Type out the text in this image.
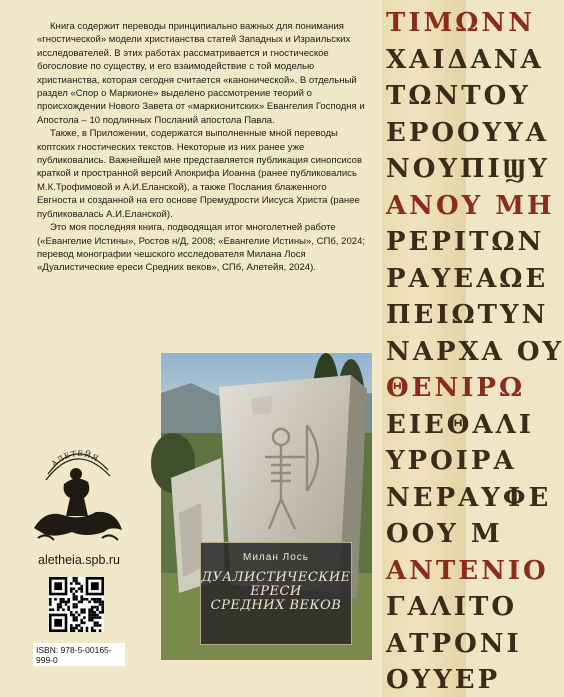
ΤΙΜΩΝΝ
ΧΑΙΔΑΝΑ
ΤΩΝΤΟΥ
ΕΡΟΟΥΥΑ
ΝΟΥΠΙϢΥ
ΑΝΟΥ ΜΗ
ΡΕΡΙΤΩΝ
ΡΑΥΕΑΩΕ
ΠΕΙΩΤΥΝ
ΝΑΡΧΑ ΟΥ
ΘΕΝΙΡΩ
ΕΙΕΘΑΛΙ
ΥΡΟΙΡΑ
ΝΕΡΑΥΦΕ
ΟΟΥ Μ
ΑΝΤΕΝΙΟ
ΓΑΛΙΤΟ
ΑΤΡΟΝΙ
ΟΥΥΕΡ

Книга содержит переводы принципиально важных для понимания «гностической» модели христианства статей Западных и Израильских исследователей. В этих работах рассматривается и гностическое богословие по существу, и его взаимодействие с той моделью христианства, которая сегодня считается «канонической». В отдельный раздел «Спор о Маркионе» выделено рассмотрение теорий о происхождении Нового Завета от «маркионитских» Евангелия Господня и Апостола – 10 подлинных Посланий апостола Павла.

Также, в Приложении, содержатся выполненные мной переводы коптских гностических текстов. Некоторые из них ранее уже публиковались. Важнейшей мне представляется публикация синопсисов краткой и пространной версий Апокрифа Иоанна (ранее публиковались М.К.Трофимовой и А.И.Еланской), а также Послания блаженного Евгноста и созданной на его основе Премудрости Иисуса Христа (ранее публиковалась А.И.Еланской).

Это моя последняя книга, подводящая итог многолетней работе («Евангелие Истины», Ростов н/Д, 2008; «Евангелие Истины», СПб, 2024; перевод монографии чешского исследователя Милана Лося «Дуалистические ереси Средних веков», СПб, Алетейя, 2024).

Милан Лось
ДУАЛИСТИЧЕСКИЕ
ЕРЕСИ
СРЕДНИХ ВЕКОВ
АЛЕТЕЙЯ
aletheia.spb.ru
ISBN: 978-5-00165-999-0
